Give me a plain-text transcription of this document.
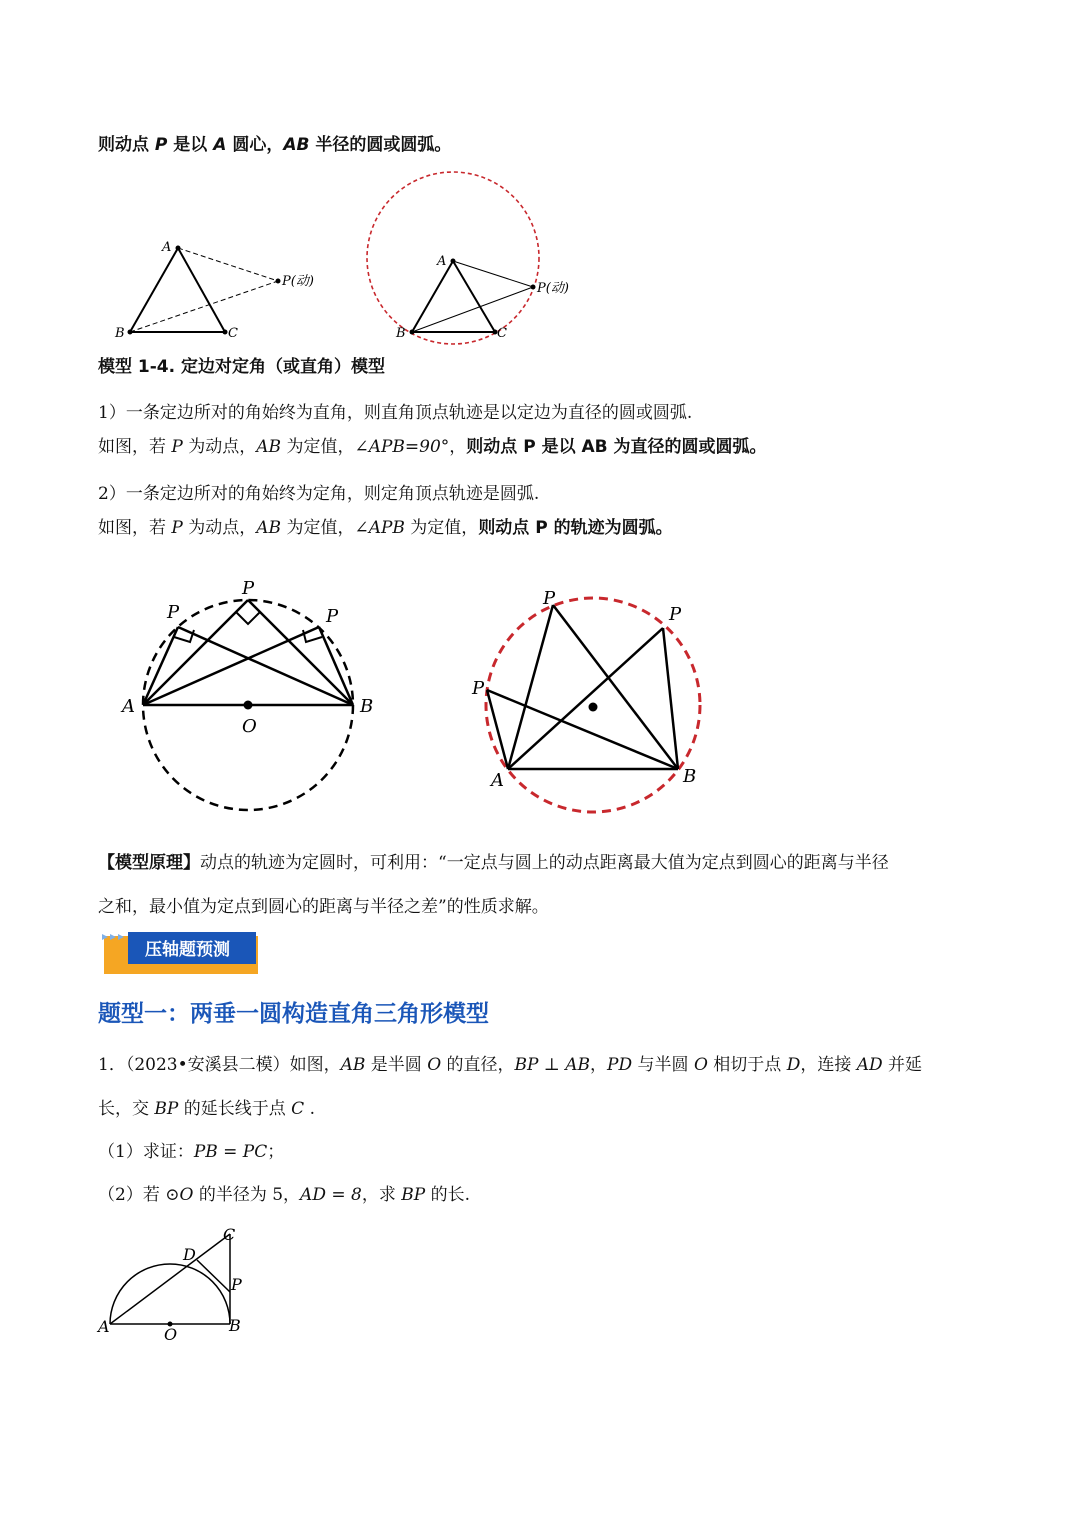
则动点 P 是以 A 圆心，AB 半径的圆或圆弧。
A
B	C
P(动)
A
B	C
P(动)
模型 1-4. 定边对定角（或直角）模型
1）一条定边所对的角始终为直角，则直角顶点轨迹是以定边为直径的圆或圆弧.
如图，若 P 为动点，AB 为定值，∠APB=90°，则动点 P 是以 AB 为直径的圆或圆弧。
2）一条定边所对的角始终为定角，则定角顶点轨迹是圆弧.
如图，若 P 为动点，AB 为定值，∠APB 为定值，则动点 P 的轨迹为圆弧。
A	B
O
P
P	P
A	B
P
P
P
【模型原理】动点的轨迹为定圆时，可利用：“一定点与圆上的动点距离最大值为定点到圆心的距离与半径
之和，最小值为定点到圆心的距离与半径之差”的性质求解。
压轴题预测
题型一：两垂一圆构造直角三角形模型
1．（2023•安溪县二模）如图，AB 是半圆 O 的直径，BP ⊥ AB，PD 与半圆 O 相切于点 D，连接 AD 并延
长，交 BP 的延长线于点 C .
（1）求证：PB = PC；
（2）若 ⊙O 的半径为 5，AD = 8，求 BP 的长.
A	B
C
D
O
P
